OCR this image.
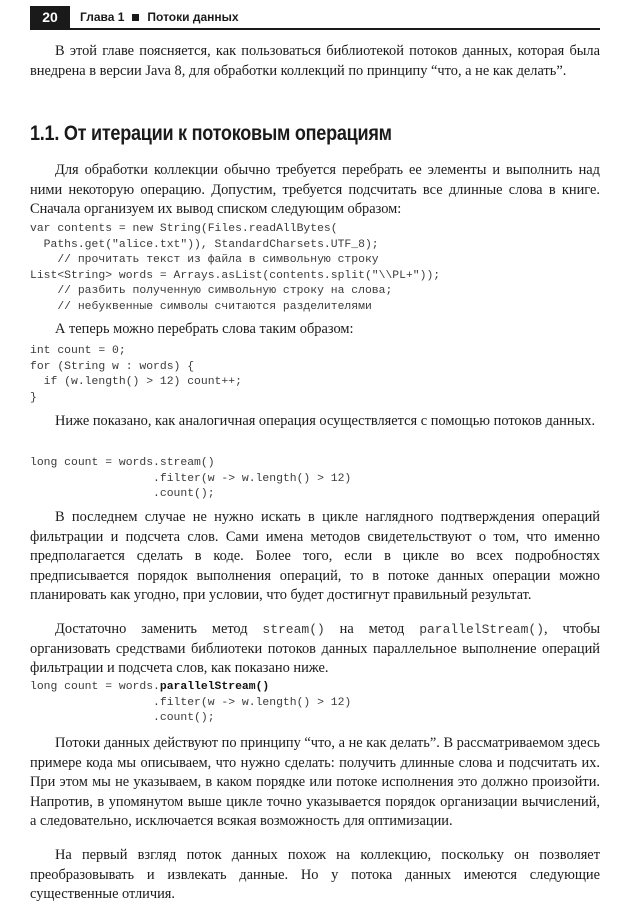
20	Глава 1 Потоки данных

В этой главе поясняется, как пользоваться библиотекой потоков данных, которая была внедрена в версии Java 8, для обработки коллекций по принципу “что, а не как делать”.

1.1. От итерации к потоковым операциям

Для обработки коллекции обычно требуется перебрать ее элементы и выполнить над ними некоторую операцию. Допустим, требуется подсчитать все длинные слова в книге. Сначала организуем их вывод списком следующим образом:

var contents = new String(Files.readAllBytes(
Paths.get("alice.txt")), StandardCharsets.UTF_8);
// прочитать текст из файла в символьную строку
List<String> words = Arrays.asList(contents.split("\\PL+"));
// разбить полученную символьную строку на слова;
// небуквенные символы считаются разделителями

А теперь можно перебрать слова таким образом:

int count = 0;
for (String w : words) {
if (w.length() > 12) count++;
}

Ниже показано, как аналогичная операция осуществляется с помощью потоков данных.

long count = words.stream()
.filter(w -> w.length() > 12)
.count();

В последнем случае не нужно искать в цикле наглядного подтверждения операций фильтрации и подсчета слов. Сами имена методов свидетельствуют о том, что именно предполагается сделать в коде. Более того, если в цикле во всех подробностях предписывается порядок выполнения операций, то в потоке данных операции можно планировать как угодно, при условии, что будет достигнут правильный результат.

Достаточно заменить метод stream() на метод parallelStream(), чтобы организовать средствами библиотеки потоков данных параллельное выполнение операций фильтрации и подсчета слов, как показано ниже.

long count = words.parallelStream()
.filter(w -> w.length() > 12)
.count();

Потоки данных действуют по принципу “что, а не как делать”. В рассматриваемом здесь примере кода мы описываем, что нужно сделать: получить длинные слова и подсчитать их. При этом мы не указываем, в каком порядке или потоке исполнения это должно произойти. Напротив, в упомянутом выше цикле точно указывается порядок организации вычислений, а следовательно, исключается всякая возможность для оптимизации.

На первый взгляд поток данных похож на коллекцию, поскольку он позволяет преобразовывать и извлекать данные. Но у потока данных имеются следующие существенные отличия.
